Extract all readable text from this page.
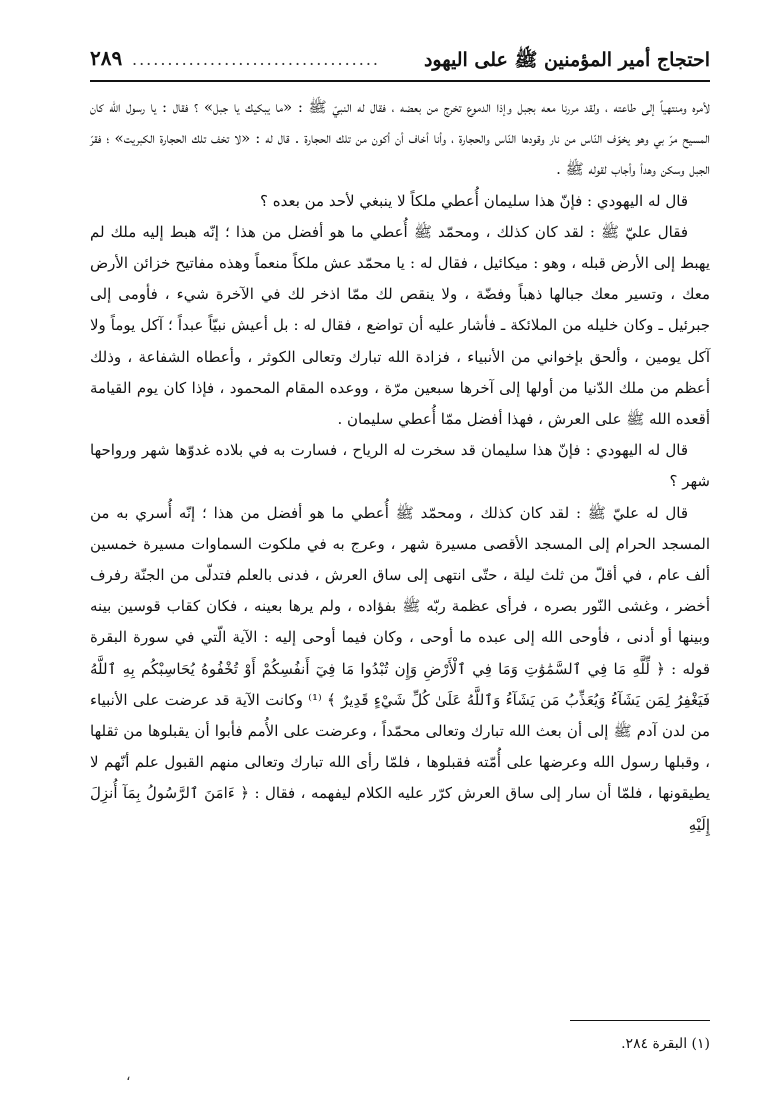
احتجاج أمير المؤمنين ﷺ على اليهود
...................................
٢٨٩

لأمره ومنتهياً إلى طاعته ، ولقد مررنا معه بجبل وإذا الدموع تخرج من بعضه ، فقال له النبيّ ﷺ : «ما يبكيك يا جبل» ؟ فقال : يا رسول الله كان المسيح مرّ بي وهو يخوّف النّاس من نار وقودها النّاس والحجارة ، وأنا أخاف أن أكون من تلك الحجارة . قال له : «لا تخف تلك الحجارة الكبريت» ؛ فقرّ الجبل وسكن وهدأ وأجاب لقوله ﷺ .

قال له اليهودي : فإنّ هذا سليمان أُعطي ملكاً لا ينبغي لأحد من بعده ؟

فقال عليّ ﷺ : لقد كان كذلك ، ومحمّد ﷺ أُعطي ما هو أفضل من هذا ؛ إنّه هبط إليه ملك لم يهبط إلى الأرض قبله ، وهو : ميكائيل ، فقال له : يا محمّد عش ملكاً منعماً وهذه مفاتيح خزائن الأرض معك ، وتسير معك جبالها ذهباً وفضّة ، ولا ينقص لك ممّا اذخر لك في الآخرة شيء ، فأومى إلى جبرئيل ـ وكان خليله من الملائكة ـ فأشار عليه أن تواضع ، فقال له : بل أعيش نبيّاً عبداً ؛ آكل يوماً ولا آكل يومين ، وألحق بإخواني من الأنبياء ، فزادة الله تبارك وتعالى الكوثر ، وأعطاه الشفاعة ، وذلك أعظم من ملك الدّنيا من أولها إلى آخرها سبعين مرّة ، ووعده المقام المحمود ، فإذا كان يوم القيامة أقعده الله ﷺ على العرش ، فهذا أفضل ممّا أُعطي سليمان .

قال له اليهودي : فإنّ هذا سليمان قد سخرت له الرياح ، فسارت به في بلاده غدوّها شهر ورواحها شهر ؟

قال له عليّ ﷺ : لقد كان كذلك ، ومحمّد ﷺ أُعطي ما هو أفضل من هذا ؛ إنّه أُسري به من المسجد الحرام إلى المسجد الأقصى مسيرة شهر ، وعرج به في ملكوت السماوات مسيرة خمسين ألف عام ، في أقلّ من ثلث ليلة ، حتّى انتهى إلى ساق العرش ، فدنى بالعلم فتدلّى من الجنّة رفرف أخضر ، وغشى النّور بصره ، فرأى عظمة ربّه ﷺ بفؤاده ، ولم يرها بعينه ، فكان كقاب قوسين بينه وبينها أو أدنى ، فأوحى الله إلى عبده ما أوحى ، وكان فيما أوحى إليه : الآية الّتي في سورة البقرة قوله : ﴿ لِّلَّهِ مَا فِي ٱلسَّمَٰوَٰتِ وَمَا فِي ٱلْأَرْضِ وَإِن تُبْدُوا مَا فِيٓ أَنفُسِكُمْ أَوْ تُخْفُوهُ يُحَاسِبْكُم بِهِ ٱللَّهُ فَيَغْفِرُ لِمَن يَشَآءُ وَيُعَذِّبُ مَن يَشَآءُ وَٱللَّهُ عَلَىٰ كُلِّ شَيْءٍ قَدِيرٌ ﴾ ⁽¹⁾ وكانت الآية قد عرضت على الأنبياء من لدن آدم ﷺ إلى أن بعث الله تبارك وتعالى محمّداً ، وعرضت على الأُمم فأبوا أن يقبلوها من ثقلها ، وقبلها رسول الله وعرضها على أُمّته فقبلوها ، فلمّا رأى الله تبارك وتعالى منهم القبول علم أنّهم لا يطيقونها ، فلمّا أن سار إلى ساق العرش كرّر عليه الكلام ليفهمه ، فقال : ﴿ ءَامَنَ ٱلرَّسُولُ بِمَآ أُنزِلَ إِلَيْهِ

(١) البقرة ٢٨٤.
،
